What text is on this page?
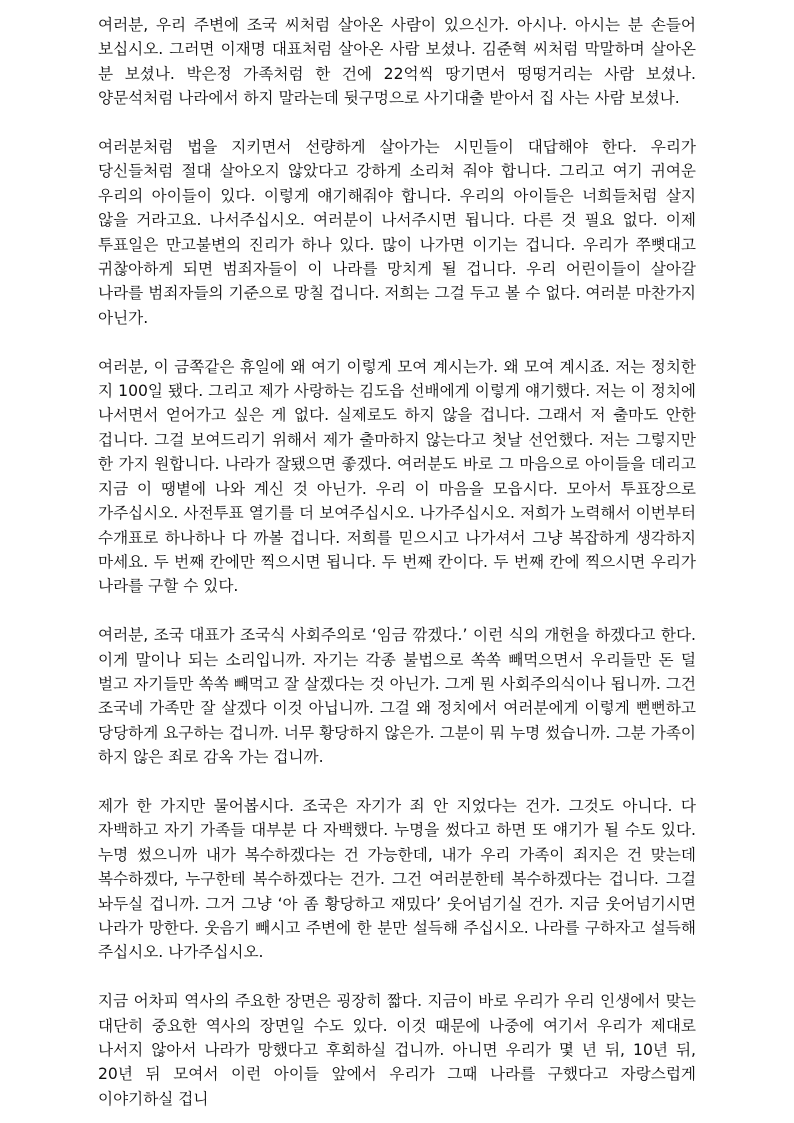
여러분, 우리 주변에 조국 씨처럼 살아온 사람이 있으신가. 아시나. 아시는 분 손들어 보십시오. 그러면 이재명 대표처럼 살아온 사람 보셨나. 김준혁 씨처럼 막말하며 살아온 분 보셨나. 박은정 가족처럼 한 건에 22억씩 땅기면서 떵떵거리는 사람 보셨나. 양문석처럼 나라에서 하지 말라는데 뒷구멍으로 사기대출 받아서 집 사는 사람 보셨나.

여러분처럼 법을 지키면서 선량하게 살아가는 시민들이 대답해야 한다. 우리가 당신들처럼 절대 살아오지 않았다고 강하게 소리쳐 줘야 합니다. 그리고 여기 귀여운 우리의 아이들이 있다. 이렇게 얘기해줘야 합니다. 우리의 아이들은 너희들처럼 살지 않을 거라고요. 나서주십시오. 여러분이 나서주시면 됩니다. 다른 것 필요 없다. 이제 투표일은 만고불변의 진리가 하나 있다. 많이 나가면 이기는 겁니다. 우리가 쭈뼛대고 귀찮아하게 되면 범죄자들이 이 나라를 망치게 될 겁니다. 우리 어린이들이 살아갈 나라를 범죄자들의 기준으로 망칠 겁니다. 저희는 그걸 두고 볼 수 없다. 여러분 마찬가지 아닌가.

여러분, 이 금쪽같은 휴일에 왜 여기 이렇게 모여 계시는가. 왜 모여 계시죠. 저는 정치한 지 100일 됐다. 그리고 제가 사랑하는 김도읍 선배에게 이렇게 얘기했다. 저는 이 정치에 나서면서 얻어가고 싶은 게 없다. 실제로도 하지 않을 겁니다. 그래서 저 출마도 안한 겁니다. 그걸 보여드리기 위해서 제가 출마하지 않는다고 첫날 선언했다. 저는 그렇지만 한 가지 원합니다. 나라가 잘됐으면 좋겠다. 여러분도 바로 그 마음으로 아이들을 데리고 지금 이 땡볕에 나와 계신 것 아닌가. 우리 이 마음을 모읍시다. 모아서 투표장으로 가주십시오. 사전투표 열기를 더 보여주십시오. 나가주십시오. 저희가 노력해서 이번부터 수개표로 하나하나 다 까볼 겁니다. 저희를 믿으시고 나가셔서 그냥 복잡하게 생각하지 마세요. 두 번째 칸에만 찍으시면 됩니다. 두 번째 칸이다. 두 번째 칸에 찍으시면 우리가 나라를 구할 수 있다.

여러분, 조국 대표가 조국식 사회주의로 ‘임금 깎겠다.’ 이런 식의 개헌을 하겠다고 한다. 이게 말이나 되는 소리입니까. 자기는 각종 불법으로 쏙쏙 빼먹으면서 우리들만 돈 덜 벌고 자기들만 쏙쏙 빼먹고 잘 살겠다는 것 아닌가. 그게 뭔 사회주의식이나 됩니까. 그건 조국네 가족만 잘 살겠다 이것 아닙니까. 그걸 왜 정치에서 여러분에게 이렇게 뻔뻔하고 당당하게 요구하는 겁니까. 너무 황당하지 않은가. 그분이 뭐 누명 썼습니까. 그분 가족이 하지 않은 죄로 감옥 가는 겁니까.

제가 한 가지만 물어봅시다. 조국은 자기가 죄 안 지었다는 건가. 그것도 아니다. 다 자백하고 자기 가족들 대부분 다 자백했다. 누명을 썼다고 하면 또 얘기가 될 수도 있다. 누명 썼으니까 내가 복수하겠다는 건 가능한데, 내가 우리 가족이 죄지은 건 맞는데 복수하겠다, 누구한테 복수하겠다는 건가. 그건 여러분한테 복수하겠다는 겁니다. 그걸 놔두실 겁니까. 그거 그냥 ‘아 좀 황당하고 재밌다’ 웃어넘기실 건가. 지금 웃어넘기시면 나라가 망한다. 웃음기 빼시고 주변에 한 분만 설득해 주십시오. 나라를 구하자고 설득해 주십시오. 나가주십시오.

지금 어차피 역사의 주요한 장면은 굉장히 짧다. 지금이 바로 우리가 우리 인생에서 맞는 대단히 중요한 역사의 장면일 수도 있다. 이것 때문에 나중에 여기서 우리가 제대로 나서지 않아서 나라가 망했다고 후회하실 겁니까. 아니면 우리가 몇 년 뒤, 10년 뒤, 20년 뒤 모여서 이런 아이들 앞에서 우리가 그때 나라를 구했다고 자랑스럽게 이야기하실 겁니
